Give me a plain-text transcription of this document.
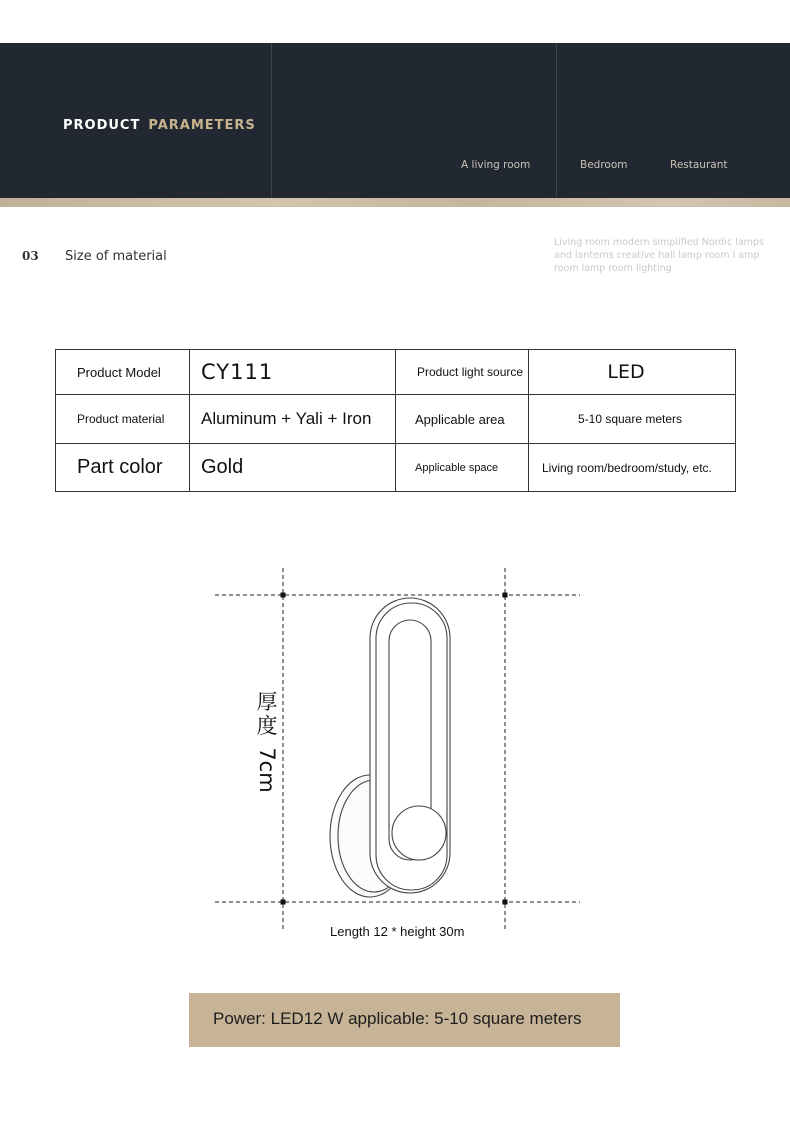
PRODUCT PARAMETERS
A living room	Bedroom	Restaurant
03 Size of material
Living room modern simplified Nordic lamps and lanterns creative hall lamp room l amp room lamp room lighting
Product Model	CY111	Product light source	LED

Product material	Aluminum + Yali + Iron	Applicable area	5-10 square meters

Part color	Gold	Applicable space	Living room/bedroom/study, etc.
厚
度
7cm
Length 12 * height 30m
Power: LED12 W applicable: 5-10 square meters
